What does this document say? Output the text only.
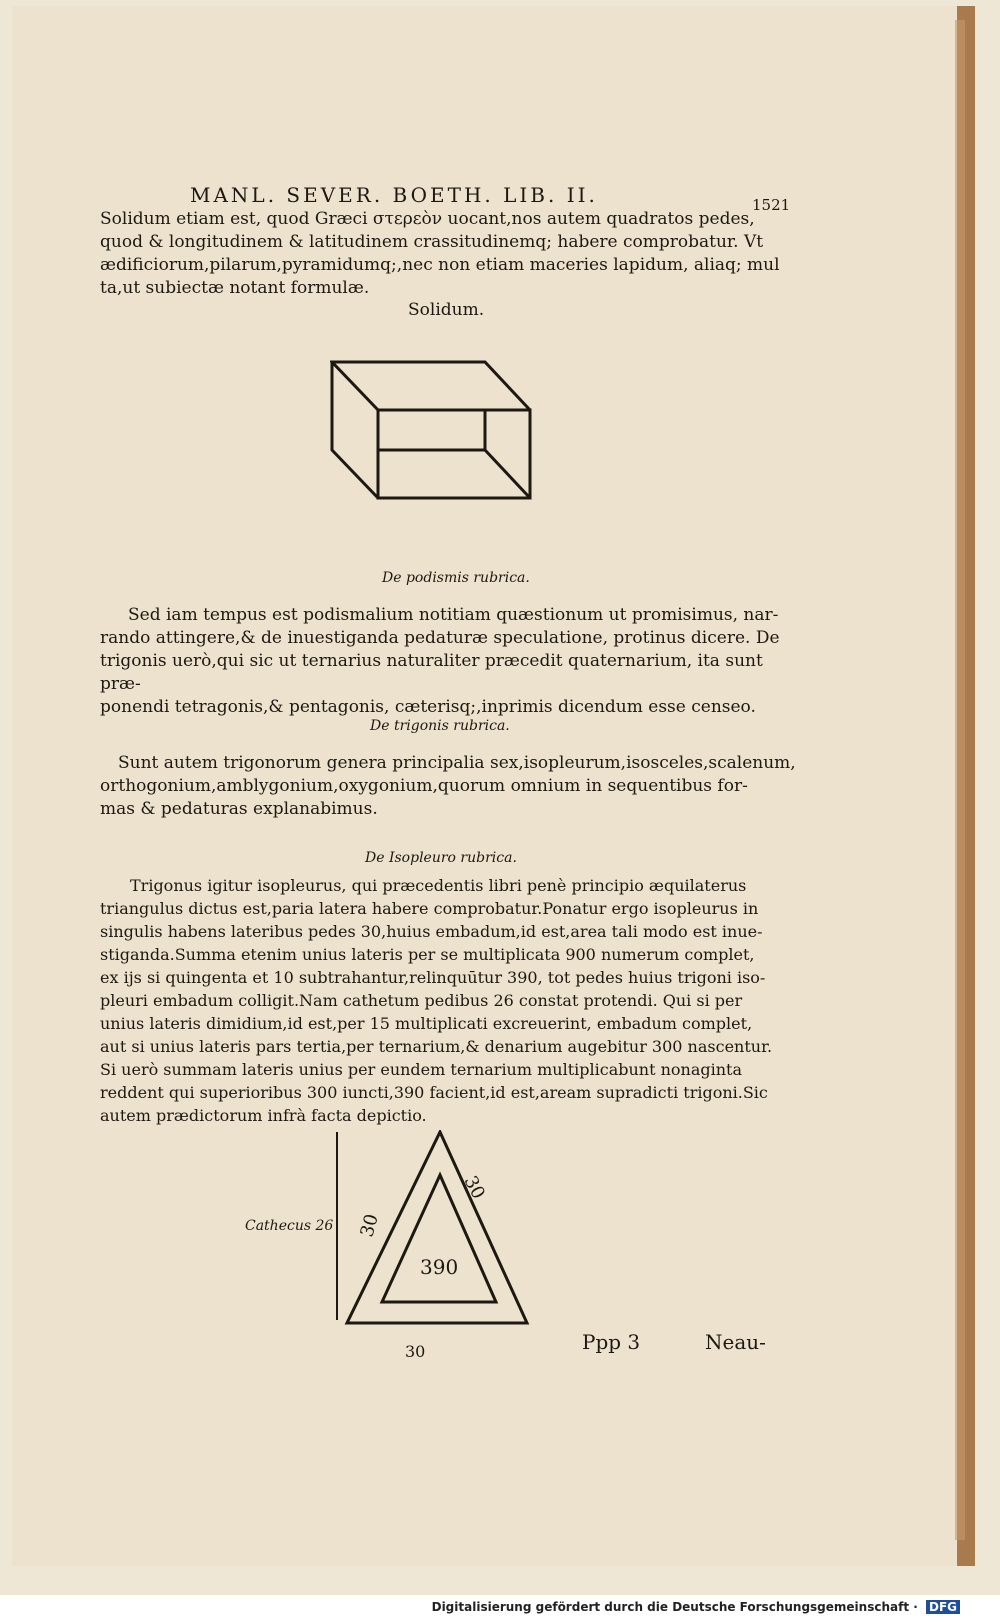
MANL. SEVER. BOETH. LIB. II.	1521

Solidum etiam est, quod Græci στερεὸν uocant,nos autem quadratos pedes,

quod & longitudinem & latitudinem crassitudinemq; habere comprobatur. Vt

ædificiorum,pilarum,pyramidumq;,nec non etiam maceries lapidum, aliaq; mul

ta,ut subiectæ notant formulæ.

Solidum.
De podismis rubrica.

Sed iam tempus est podismalium notitiam quæstionum ut promisimus, nar-

rando attingere,& de inuestiganda pedaturæ speculatione, protinus dicere. De

trigonis uerò,qui sic ut ternarius naturaliter præcedit quaternarium, ita sunt præ-

ponendi tetragonis,& pentagonis, cæterisq;,inprimis dicendum esse censeo.

De trigonis rubrica.

Sunt autem trigonorum genera principalia sex,isopleurum,isosceles,scalenum,

orthogonium,amblygonium,oxygonium,quorum omnium in sequentibus for-

mas & pedaturas explanabimus.

De Isopleuro rubrica.

Trigonus igitur isopleurus, qui præcedentis libri penè principio æquilaterus

triangulus dictus est,paria latera habere comprobatur.Ponatur ergo isopleurus in

singulis habens lateribus pedes 30,huius embadum,id est,area tali modo est inue-

stiganda.Summa etenim unius lateris per se multiplicata 900 numerum complet,

ex ijs si quingenta et 10 subtrahantur,relinquūtur 390, tot pedes huius trigoni iso-

pleuri embadum colligit.Nam cathetum pedibus 26 constat protendi. Qui si per

unius lateris dimidium,id est,per 15 multiplicati excreuerint, embadum complet,

aut si unius lateris pars tertia,per ternarium,& denarium augebitur 300 nascentur.

Si uerò summam lateris unius per eundem ternarium multiplicabunt nonaginta

reddent qui superioribus 300 iuncti,390 facient,id est,aream supradicti trigoni.Sic

autem prædictorum infrà facta depictio.

Cathecus 26 30
30
390
30	Ppp 3	Neau-
Digitalisierung gefördert durch die Deutsche Forschungsgemeinschaft · DFG
